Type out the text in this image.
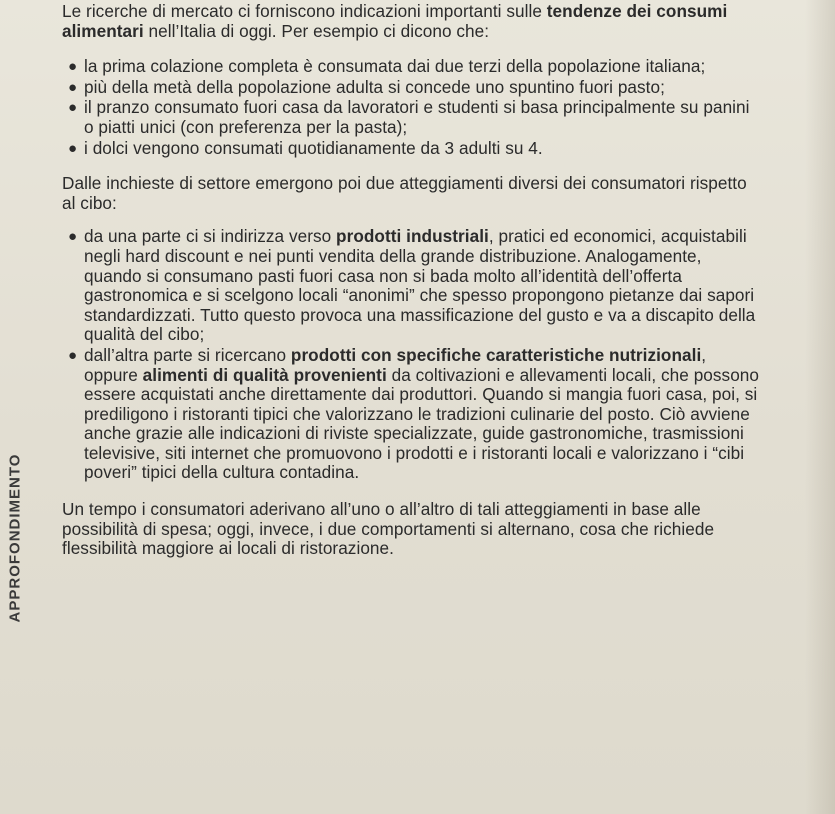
APPROFONDIMENTO

Le ricerche di mercato ci forniscono indicazioni importanti sulle tendenze dei consumi alimentari nell’Italia di oggi. Per esempio ci dicono che:

● la prima colazione completa è consumata dai due terzi della popolazione italiana;
● più della metà della popolazione adulta si concede uno spuntino fuori pasto;
● il pranzo consumato fuori casa da lavoratori e studenti si basa principalmente su panini o piatti unici (con preferenza per la pasta);
● i dolci vengono consumati quotidianamente da 3 adulti su 4.

Dalle inchieste di settore emergono poi due atteggiamenti diversi dei consumatori rispetto al cibo:

● da una parte ci si indirizza verso prodotti industriali, pratici ed economici, acquistabili negli hard discount e nei punti vendita della grande distribuzione. Analogamente, quando si consumano pasti fuori casa non si bada molto all’identità dell’offerta gastronomica e si scelgono locali “anonimi” che spesso propongono pietanze dai sapori standardizzati. Tutto questo provoca una massificazione del gusto e va a discapito della qualità del cibo;
● dall’altra parte si ricercano prodotti con specifiche caratteristiche nutrizionali, oppure alimenti di qualità provenienti da coltivazioni e allevamenti locali, che possono essere acquistati anche direttamente dai produttori. Quando si mangia fuori casa, poi, si prediligono i ristoranti tipici che valorizzano le tradizioni culinarie del posto. Ciò avviene anche grazie alle indicazioni di riviste specializzate, guide gastronomiche, trasmissioni televisive, siti internet che promuovono i prodotti e i ristoranti locali e valorizzano i “cibi poveri” tipici della cultura contadina.

Un tempo i consumatori aderivano all’uno o all’altro di tali atteggiamenti in base alle possibilità di spesa; oggi, invece, i due comportamenti si alternano, cosa che richiede flessibilità maggiore ai locali di ristorazione.
